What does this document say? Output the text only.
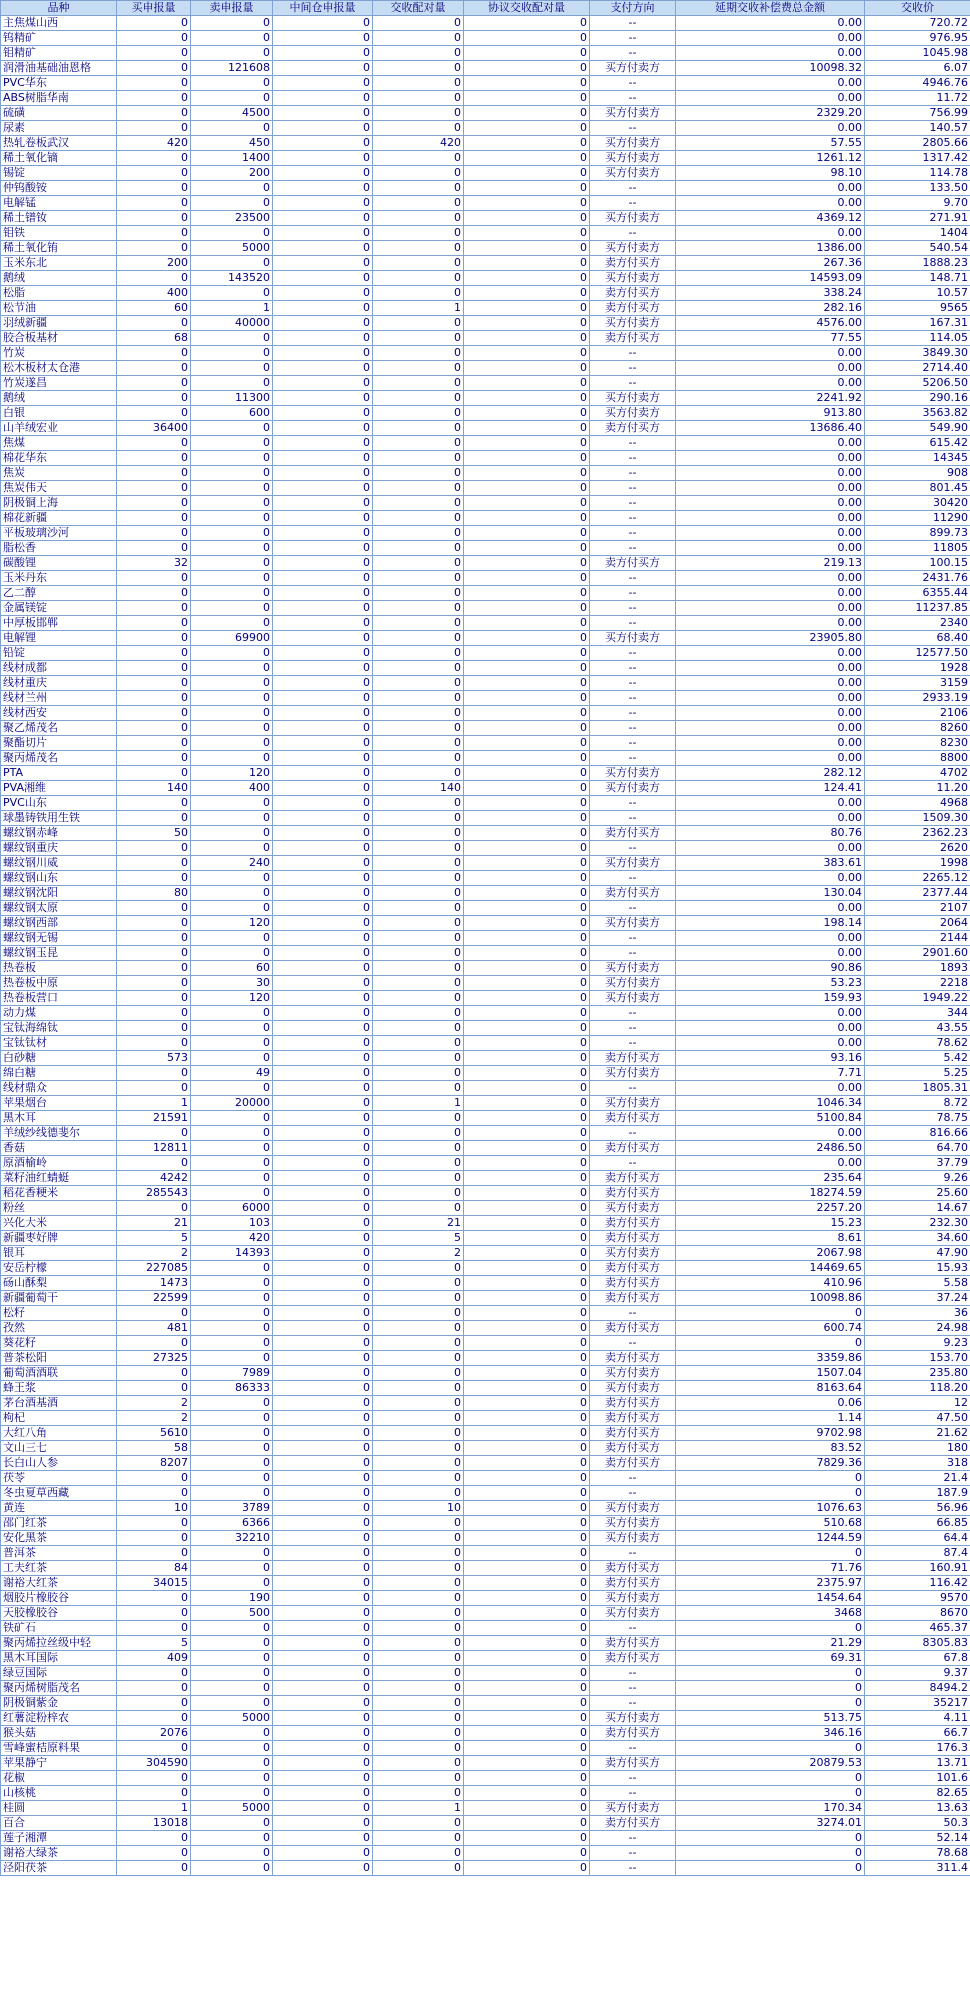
品种	买申报量	卖申报量	中间仓申报量	交收配对量	协议交收配对量	支付方向	延期交收补偿费总金额	交收价
主焦煤山西	0	0	0	0	0	--	0.00	720.72
钨精矿	0	0	0	0	0	--	0.00	976.95
钼精矿	0	0	0	0	0	--	0.00	1045.98
润滑油基础油恩格	0	121608	0	0	0	买方付卖方	10098.32	6.07
PVC华东	0	0	0	0	0	--	0.00	4946.76
ABS树脂华南	0	0	0	0	0	--	0.00	11.72
硫磺	0	4500	0	0	0	买方付卖方	2329.20	756.99
尿素	0	0	0	0	0	--	0.00	140.57
热轧卷板武汉	420	450	0	420	0	买方付卖方	57.55	2805.66
稀土氧化镝	0	1400	0	0	0	买方付卖方	1261.12	1317.42
锡锭	0	200	0	0	0	买方付卖方	98.10	114.78
仲钨酸铵	0	0	0	0	0	--	0.00	133.50
电解锰	0	0	0	0	0	--	0.00	9.70
稀土镨钕	0	23500	0	0	0	买方付卖方	4369.12	271.91
钼铁	0	0	0	0	0	--	0.00	1404
稀土氧化铕	0	5000	0	0	0	买方付卖方	1386.00	540.54
玉米东北	200	0	0	0	0	卖方付买方	267.36	1888.23
鹅绒	0	143520	0	0	0	买方付卖方	14593.09	148.71
松脂	400	0	0	0	0	卖方付买方	338.24	10.57
松节油	60	1	0	1	0	卖方付买方	282.16	9565
羽绒新疆	0	40000	0	0	0	买方付卖方	4576.00	167.31
胶合板基材	68	0	0	0	0	卖方付买方	77.55	114.05
竹炭	0	0	0	0	0	--	0.00	3849.30
松木板材太仓港	0	0	0	0	0	--	0.00	2714.40
竹炭遂昌	0	0	0	0	0	--	0.00	5206.50
鹅绒	0	11300	0	0	0	买方付卖方	2241.92	290.16
白银	0	600	0	0	0	买方付卖方	913.80	3563.82
山羊绒宏业	36400	0	0	0	0	卖方付买方	13686.40	549.90
焦煤	0	0	0	0	0	--	0.00	615.42
棉花华东	0	0	0	0	0	--	0.00	14345
焦炭	0	0	0	0	0	--	0.00	908
焦炭伟天	0	0	0	0	0	--	0.00	801.45
阴极铜上海	0	0	0	0	0	--	0.00	30420
棉花新疆	0	0	0	0	0	--	0.00	11290
平板玻璃沙河	0	0	0	0	0	--	0.00	899.73
脂松香	0	0	0	0	0	--	0.00	11805
碳酸锂	32	0	0	0	0	卖方付买方	219.13	100.15
玉米丹东	0	0	0	0	0	--	0.00	2431.76
乙二醇	0	0	0	0	0	--	0.00	6355.44
金属镁锭	0	0	0	0	0	--	0.00	11237.85
中厚板邯郸	0	0	0	0	0	--	0.00	2340
电解锂	0	69900	0	0	0	买方付卖方	23905.80	68.40
铅锭	0	0	0	0	0	--	0.00	12577.50
线材成都	0	0	0	0	0	--	0.00	1928
线材重庆	0	0	0	0	0	--	0.00	3159
线材兰州	0	0	0	0	0	--	0.00	2933.19
线材西安	0	0	0	0	0	--	0.00	2106
聚乙烯茂名	0	0	0	0	0	--	0.00	8260
聚酯切片	0	0	0	0	0	--	0.00	8230
聚丙烯茂名	0	0	0	0	0	--	0.00	8800
PTA	0	120	0	0	0	买方付卖方	282.12	4702
PVA湘维	140	400	0	140	0	买方付卖方	124.41	11.20
PVC山东	0	0	0	0	0	--	0.00	4968
球墨铸铁用生铁	0	0	0	0	0	--	0.00	1509.30
螺纹钢赤峰	50	0	0	0	0	卖方付买方	80.76	2362.23
螺纹钢重庆	0	0	0	0	0	--	0.00	2620
螺纹钢川威	0	240	0	0	0	买方付卖方	383.61	1998
螺纹钢山东	0	0	0	0	0	--	0.00	2265.12
螺纹钢沈阳	80	0	0	0	0	卖方付买方	130.04	2377.44
螺纹钢太原	0	0	0	0	0	--	0.00	2107
螺纹钢西部	0	120	0	0	0	买方付卖方	198.14	2064
螺纹钢无锡	0	0	0	0	0	--	0.00	2144
螺纹钢玉昆	0	0	0	0	0	--	0.00	2901.60
热卷板	0	60	0	0	0	买方付卖方	90.86	1893
热卷板中原	0	30	0	0	0	买方付卖方	53.23	2218
热卷板营口	0	120	0	0	0	买方付卖方	159.93	1949.22
动力煤	0	0	0	0	0	--	0.00	344
宝钛海绵钛	0	0	0	0	0	--	0.00	43.55
宝钛钛材	0	0	0	0	0	--	0.00	78.62
白砂糖	573	0	0	0	0	卖方付买方	93.16	5.42
绵白糖	0	49	0	0	0	买方付卖方	7.71	5.25
线材鼎众	0	0	0	0	0	--	0.00	1805.31
苹果烟台	1	20000	0	1	0	买方付卖方	1046.34	8.72
黑木耳	21591	0	0	0	0	卖方付买方	5100.84	78.75
羊绒纱线德斐尔	0	0	0	0	0	--	0.00	816.66
香菇	12811	0	0	0	0	卖方付买方	2486.50	64.70
原酒榆岭	0	0	0	0	0	--	0.00	37.79
菜籽油红蜻蜓	4242	0	0	0	0	卖方付买方	235.64	9.26
稻花香粳米	285543	0	0	0	0	卖方付买方	18274.59	25.60
粉丝	0	6000	0	0	0	买方付卖方	2257.20	14.67
兴化大米	21	103	0	21	0	卖方付买方	15.23	232.30
新疆枣好牌	5	420	0	5	0	卖方付买方	8.61	34.60
银耳	2	14393	0	2	0	买方付卖方	2067.98	47.90
安岳柠檬	227085	0	0	0	0	卖方付买方	14469.65	15.93
砀山酥梨	1473	0	0	0	0	卖方付买方	410.96	5.58
新疆葡萄干	22599	0	0	0	0	卖方付买方	10098.86	37.24
松籽	0	0	0	0	0	--	0	36
孜然	481	0	0	0	0	卖方付买方	600.74	24.98
葵花籽	0	0	0	0	0	--	0	9.23
普茶松阳	27325	0	0	0	0	卖方付买方	3359.86	153.70
葡萄酒酒联	0	7989	0	0	0	买方付卖方	1507.04	235.80
蜂王浆	0	86333	0	0	0	买方付卖方	8163.64	118.20
茅台酒基酒	2	0	0	0	0	卖方付买方	0.06	12
枸杞	2	0	0	0	0	卖方付买方	1.14	47.50
大红八角	5610	0	0	0	0	卖方付买方	9702.98	21.62
文山三七	58	0	0	0	0	卖方付买方	83.52	180
长白山人参	8207	0	0	0	0	卖方付买方	7829.36	318
茯苓	0	0	0	0	0	--	0	21.4
冬虫夏草西藏	0	0	0	0	0	--	0	187.9
黄连	10	3789	0	10	0	买方付卖方	1076.63	56.96
邵门红茶	0	6366	0	0	0	买方付卖方	510.68	66.85
安化黑茶	0	32210	0	0	0	买方付卖方	1244.59	64.4
普洱茶	0	0	0	0	0	--	0	87.4
工夫红茶	84	0	0	0	0	卖方付买方	71.76	160.91
谢裕大红茶	34015	0	0	0	0	卖方付买方	2375.97	116.42
烟胶片橡胶谷	0	190	0	0	0	买方付卖方	1454.64	9570
天胶橡胶谷	0	500	0	0	0	买方付卖方	3468	8670
铁矿石	0	0	0	0	0	--	0	465.37
聚丙烯拉丝级中轻	5	0	0	0	0	卖方付买方	21.29	8305.83
黑木耳国际	409	0	0	0	0	卖方付买方	69.31	67.8
绿豆国际	0	0	0	0	0	--	0	9.37
聚丙烯树脂茂名	0	0	0	0	0	--	0	8494.2
阴极铜紫金	0	0	0	0	0	--	0	35217
红薯淀粉梓农	0	5000	0	0	0	买方付卖方	513.75	4.11
猴头菇	2076	0	0	0	0	卖方付买方	346.16	66.7
雪峰蜜桔原料果	0	0	0	0	0	--	0	176.3
苹果静宁	304590	0	0	0	0	卖方付买方	20879.53	13.71
花椒	0	0	0	0	0	--	0	101.6
山核桃	0	0	0	0	0	--	0	82.65
桂圆	1	5000	0	1	0	买方付卖方	170.34	13.63
百合	13018	0	0	0	0	卖方付买方	3274.01	50.3
莲子湘潭	0	0	0	0	0	--	0	52.14
谢裕大绿茶	0	0	0	0	0	--	0	78.68
泾阳茯茶	0	0	0	0	0	--	0	311.4
